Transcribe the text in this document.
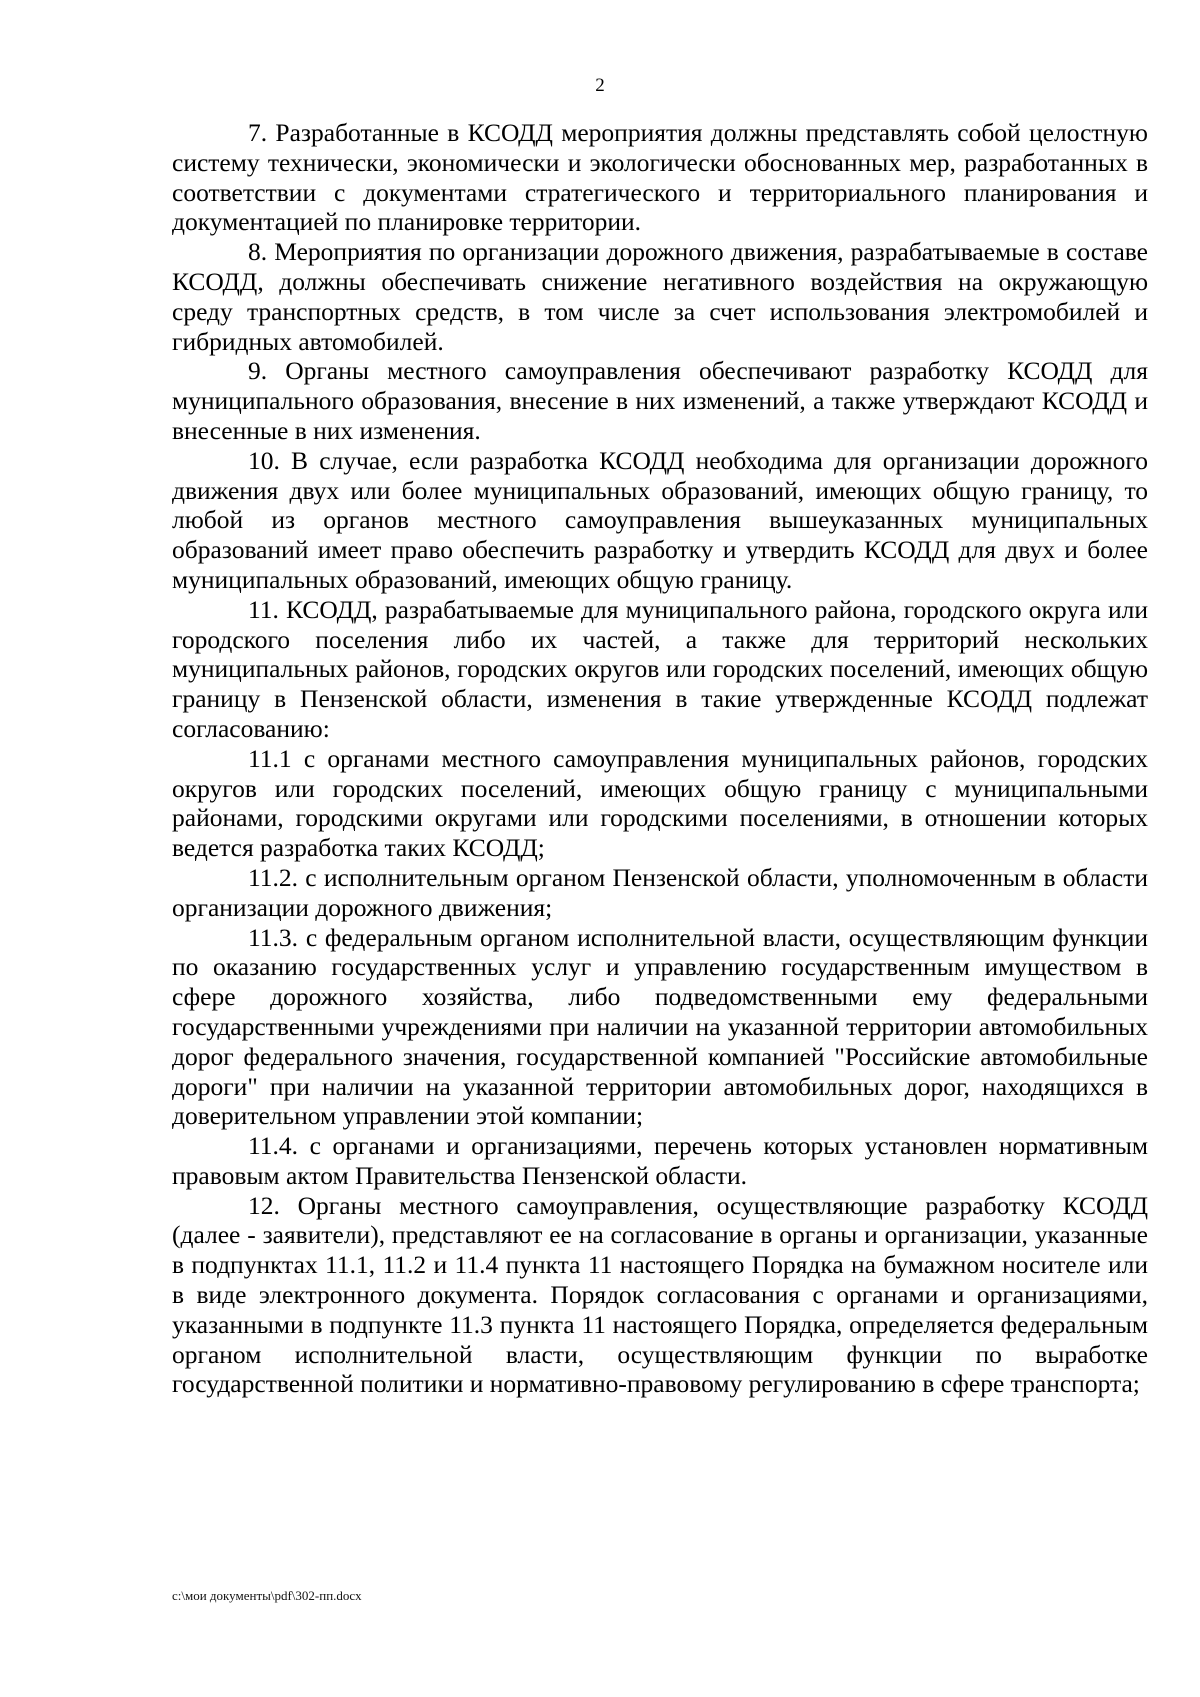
2

7. Разработанные в КСОДД мероприятия должны представлять собой целостную систему технически, экономически и экологически обоснованных мер, разработанных в соответствии с документами стратегического и территориального планирования и документацией по планировке территории.

8. Мероприятия по организации дорожного движения, разрабатываемые в составе КСОДД, должны обеспечивать снижение негативного воздействия на окружающую среду транспортных средств, в том числе за счет использования электромобилей и гибридных автомобилей.

9. Органы местного самоуправления обеспечивают разработку КСОДД для муниципального образования, внесение в них изменений, а также утверждают КСОДД и внесенные в них изменения.

10. В случае, если разработка КСОДД необходима для организации дорожного движения двух или более муниципальных образований, имеющих общую границу, то любой из органов местного самоуправления вышеуказанных муниципальных образований имеет право обеспечить разработку и утвердить КСОДД для двух и более муниципальных образований, имеющих общую границу.

11. КСОДД, разрабатываемые для муниципального района, городского округа или городского поселения либо их частей, а также для территорий нескольких муниципальных районов, городских округов или городских поселений, имеющих общую границу в Пензенской области, изменения в такие утвержденные КСОДД подлежат согласованию:

11.1 с органами местного самоуправления муниципальных районов, городских округов или городских поселений, имеющих общую границу с муниципальными районами, городскими округами или городскими поселениями, в отношении которых ведется разработка таких КСОДД;

11.2. с исполнительным органом Пензенской области, уполномоченным в области организации дорожного движения;

11.3. с федеральным органом исполнительной власти, осуществляющим функции по оказанию государственных услуг и управлению государственным имуществом в сфере дорожного хозяйства, либо подведомственными ему федеральными государственными учреждениями при наличии на указанной территории автомобильных дорог федерального значения, государственной компанией "Российские автомобильные дороги" при наличии на указанной территории автомобильных дорог, находящихся в доверительном управлении этой компании;

11.4. с органами и организациями, перечень которых установлен нормативным правовым актом Правительства Пензенской области.

12. Органы местного самоуправления, осуществляющие разработку КСОДД (далее - заявители), представляют ее на согласование в органы и организации, указанные в подпунктах 11.1, 11.2 и 11.4 пункта 11 настоящего Порядка на бумажном носителе или в виде электронного документа. Порядок согласования с органами и организациями, указанными в подпункте 11.3 пункта 11 настоящего Порядка, определяется федеральным органом исполнительной власти, осуществляющим функции по выработке государственной политики и нормативно-правовому регулированию в сфере транспорта;

c:\мои документы\pdf\302-пп.docx
